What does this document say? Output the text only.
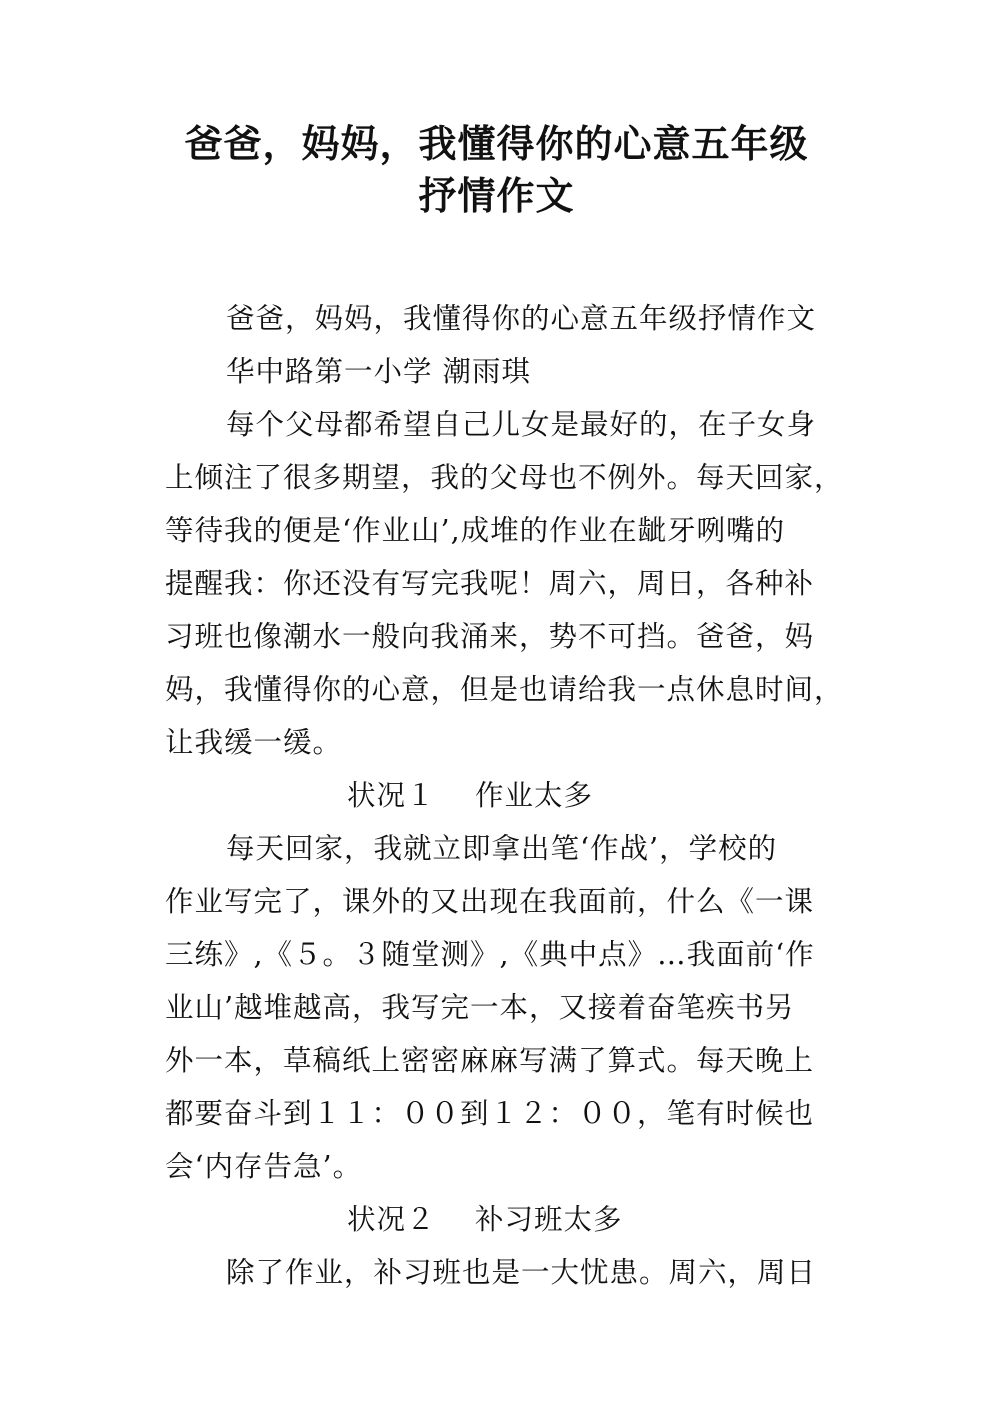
爸爸，妈妈，我懂得你的心意五年级
抒情作文
爸爸，妈妈，我懂得你的心意五年级抒情作文
华中路第一小学 潮雨琪
每个父母都希望自己儿女是最好的，在子女身
上倾注了很多期望，我的父母也不例外。每天回家，
等待我的便是‘作业山’,成堆的作业在龇牙咧嘴的
提醒我：你还没有写完我呢！周六，周日，各种补
习班也像潮水一般向我涌来，势不可挡。爸爸，妈
妈，我懂得你的心意，但是也请给我一点休息时间，
让我缓一缓。
状况１　 作业太多
每天回家，我就立即拿出笔‘作战’，学校的
作业写完了，课外的又出现在我面前，什么《一课
三练》,《５。３随堂测》,《典中点》…我面前‘作
业山’越堆越高，我写完一本，又接着奋笔疾书另
外一本，草稿纸上密密麻麻写满了算式。每天晚上
都要奋斗到１１：００到１２：００，笔有时候也
会‘内存告急’。
状况２　 补习班太多
除了作业，补习班也是一大忧患。周六，周日
